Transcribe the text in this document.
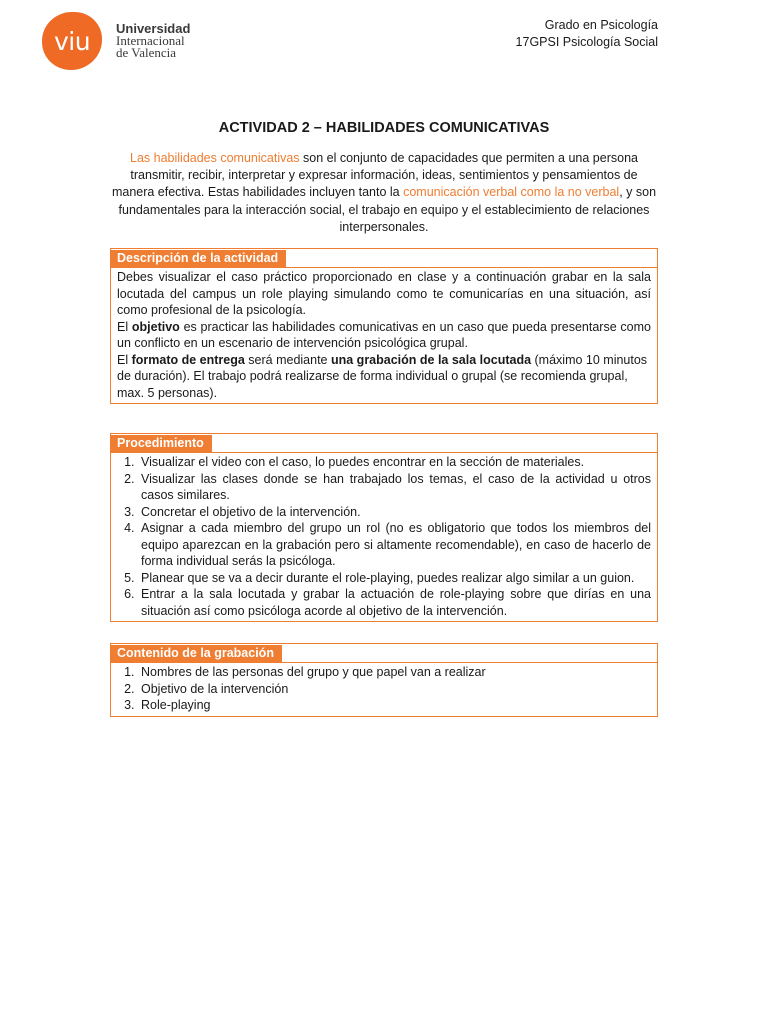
viu Universidad
Internacional
de Valencia
Grado en Psicología
17GPSI Psicología Social
ACTIVIDAD 2 – HABILIDADES COMUNICATIVAS
Las habilidades comunicativas son el conjunto de capacidades que permiten a una persona transmitir, recibir, interpretar y expresar información, ideas, sentimientos y pensamientos de manera efectiva. Estas habilidades incluyen tanto la comunicación verbal como la no verbal, y son fundamentales para la interacción social, el trabajo en equipo y el establecimiento de relaciones interpersonales.
Descripción de la actividad

Debes visualizar el caso práctico proporcionado en clase y a continuación grabar en la sala locutada del campus un role playing simulando como te comunicarías en una situación, así como profesional de la psicología.

El objetivo es practicar las habilidades comunicativas en un caso que pueda presentarse como un conflicto en un escenario de intervención psicológica grupal.

El formato de entrega será mediante una grabación de la sala locutada (máximo 10 minutos de duración). El trabajo podrá realizarse de forma individual o grupal (se recomienda grupal, max. 5 personas).

Procedimiento
1. Visualizar el video con el caso, lo puedes encontrar en la sección de materiales.
2. Visualizar las clases donde se han trabajado los temas, el caso de la actividad u otros casos similares.
3. Concretar el objetivo de la intervención.
4. Asignar a cada miembro del grupo un rol (no es obligatorio que todos los miembros del equipo aparezcan en la grabación pero si altamente recomendable), en caso de hacerlo de forma individual serás la psicóloga.
5. Planear que se va a decir durante el role-playing, puedes realizar algo similar a un guion.
6. Entrar a la sala locutada y grabar la actuación de role-playing sobre que dirías en una situación así como psicóloga acorde al objetivo de la intervención.
Contenido de la grabación
1. Nombres de las personas del grupo y que papel van a realizar
2. Objetivo de la intervención
3. Role-playing
